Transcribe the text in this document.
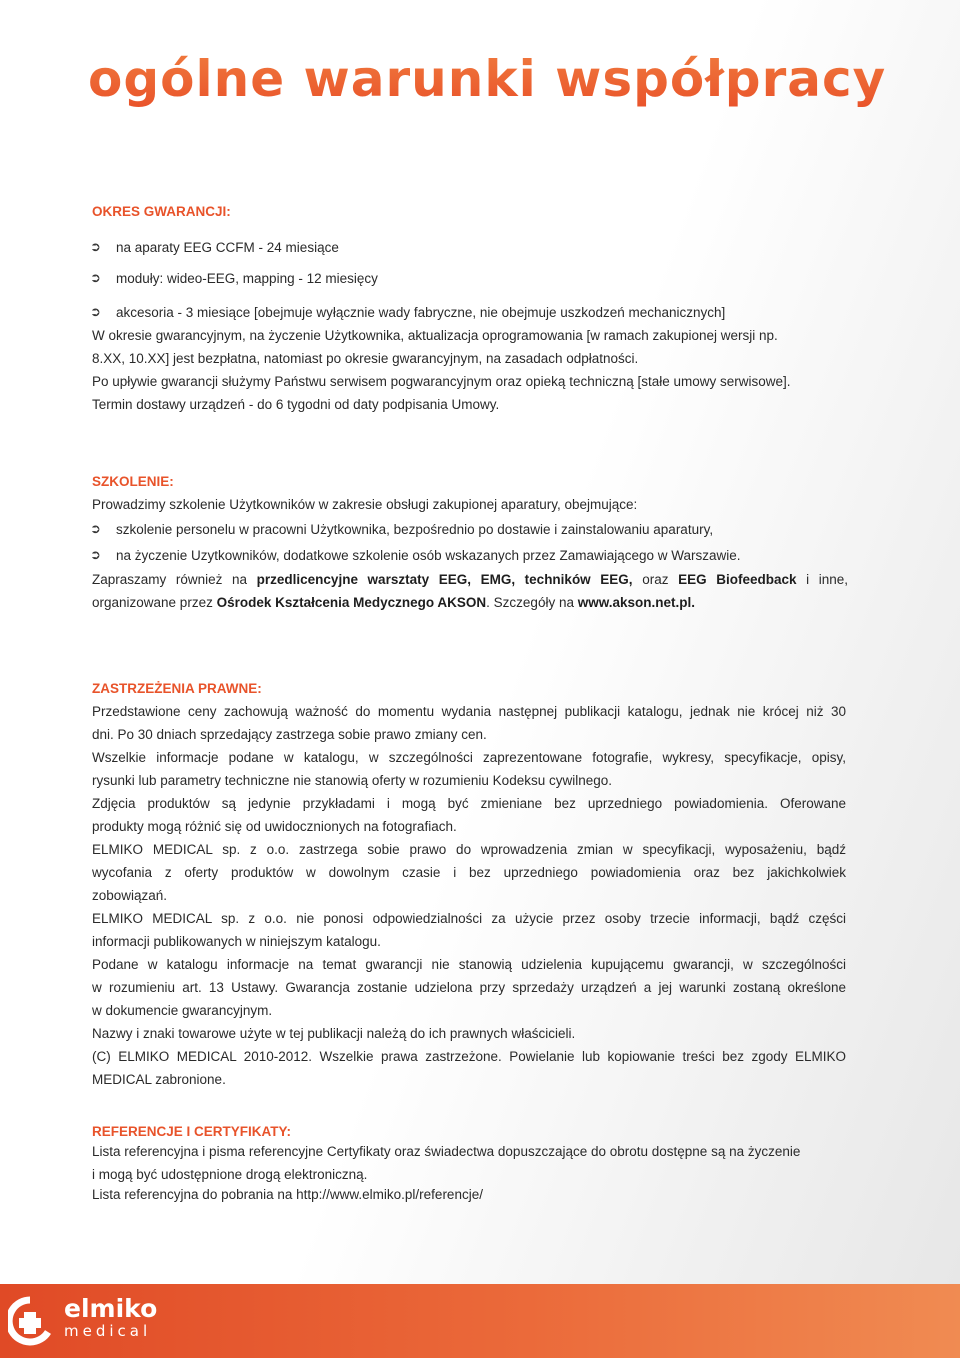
ogólne warunki współpracy

OKRES GWARANCJI:

➲ na aparaty EEG CCFM - 24 miesiące

➲ moduły: wideo-EEG, mapping - 12 miesięcy

➲ akcesoria - 3 miesiące [obejmuje wyłącznie wady fabryczne, nie obejmuje uszkodzeń mechanicznych]

W okresie gwarancyjnym, na życzenie Użytkownika, aktualizacja oprogramowania [w ramach zakupionej wersji np.

8.XX, 10.XX] jest bezpłatna, natomiast po okresie gwarancyjnym, na zasadach odpłatności.

Po upływie gwarancji służymy Państwu serwisem pogwarancyjnym oraz opieką techniczną [stałe umowy serwisowe].

Termin dostawy urządzeń - do 6 tygodni od daty podpisania Umowy.

SZKOLENIE:

Prowadzimy szkolenie Użytkowników w zakresie obsługi zakupionej aparatury, obejmujące:

➲ szkolenie personelu w pracowni Użytkownika, bezpośrednio po dostawie i zainstalowaniu aparatury,

➲ na życzenie Uzytkowników, dodatkowe szkolenie osób wskazanych przez Zamawiającego w Warszawie.

Zapraszamy również na przedlicencyjne warsztaty EEG, EMG, techników EEG, oraz EEG Biofeedback i inne,

organizowane przez Ośrodek Kształcenia Medycznego AKSON. Szczegóły na www.akson.net.pl.

ZASTRZEŻENIA PRAWNE:

Przedstawione ceny zachowują ważność do momentu wydania następnej publikacji katalogu, jednak nie krócej niż 30

dni. Po 30 dniach sprzedający zastrzega sobie prawo zmiany cen.

Wszelkie informacje podane w katalogu, w szczególności zaprezentowane fotografie, wykresy, specyfikacje, opisy,

rysunki lub parametry techniczne nie stanowią oferty w rozumieniu Kodeksu cywilnego.

Zdjęcia produktów są jedynie przykładami i mogą być zmieniane bez uprzedniego powiadomienia. Oferowane

produkty mogą różnić się od uwidocznionych na fotografiach.

ELMIKO MEDICAL sp. z o.o. zastrzega sobie prawo do wprowadzenia zmian w specyfikacji, wyposażeniu, bądź

wycofania z oferty produktów w dowolnym czasie i bez uprzedniego powiadomienia oraz bez jakichkolwiek

zobowiązań.

ELMIKO MEDICAL sp. z o.o. nie ponosi odpowiedzialności za użycie przez osoby trzecie informacji, bądź części

informacji publikowanych w niniejszym katalogu.

Podane w katalogu informacje na temat gwarancji nie stanowią udzielenia kupującemu gwarancji, w szczególności

w rozumieniu art. 13 Ustawy. Gwarancja zostanie udzielona przy sprzedaży urządzeń a jej warunki zostaną określone

w dokumencie gwarancyjnym.

Nazwy i znaki towarowe użyte w tej publikacji należą do ich prawnych właścicieli.

(C) ELMIKO MEDICAL 2010-2012. Wszelkie prawa zastrzeżone. Powielanie lub kopiowanie treści bez zgody ELMIKO

MEDICAL zabronione.

REFERENCJE I CERTYFIKATY:

Lista referencyjna i pisma referencyjne Certyfikaty oraz świadectwa dopuszczające do obrotu dostępne są na życzenie

i mogą być udostępnione drogą elektroniczną.

Lista referencyjna do pobrania na http://www.elmiko.pl/referencje/

elmiko
medical
